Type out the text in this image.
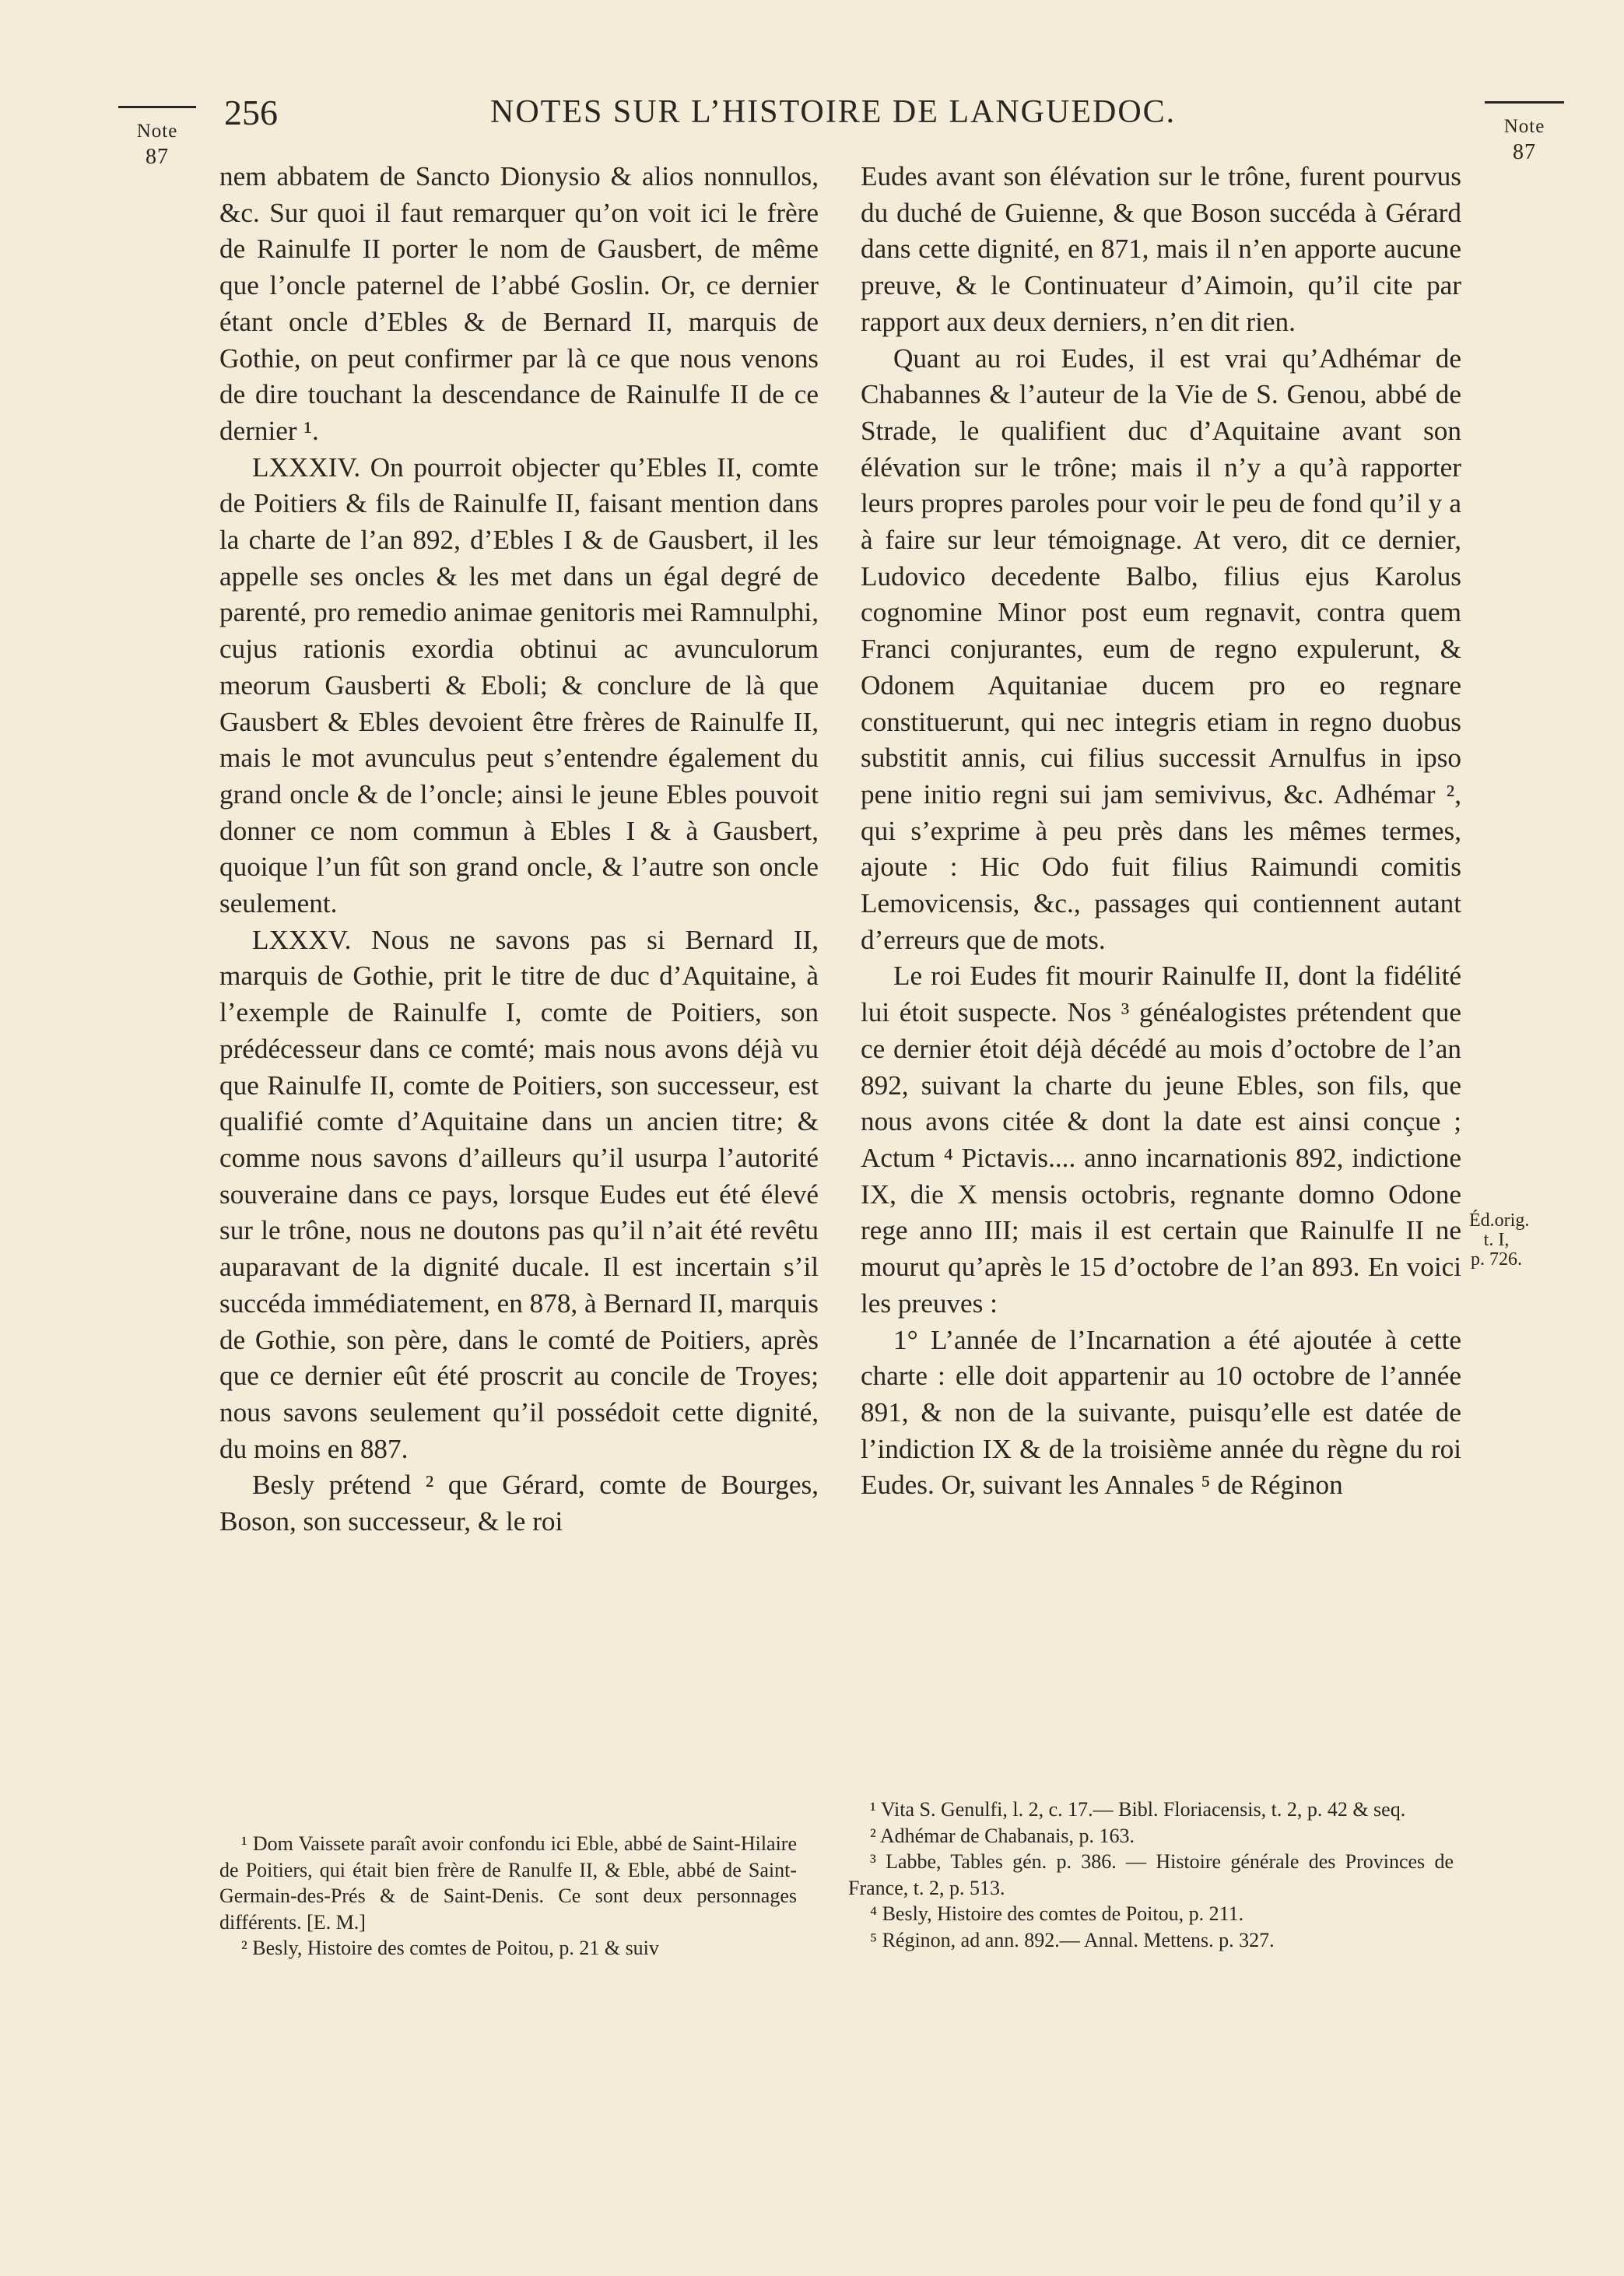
Note
87
256	NOTES SUR L’HISTOIRE DE LANGUEDOC.	Note
87

nem abbatem de Sancto Dionysio & alios nonnullos, &c. Sur quoi il faut remarquer qu’on voit ici le frère de Rainulfe II porter le nom de Gausbert, de même que l’oncle paternel de l’abbé Goslin. Or, ce dernier étant oncle d’Ebles & de Bernard II, marquis de Gothie, on peut confirmer par là ce que nous venons de dire touchant la descendance de Rainulfe II de ce dernier ¹.

LXXXIV. On pourroit objecter qu’Ebles II, comte de Poitiers & fils de Rainulfe II, faisant mention dans la charte de l’an 892, d’Ebles I & de Gausbert, il les appelle ses oncles & les met dans un égal degré de parenté, pro remedio animae genitoris mei Ramnulphi, cujus rationis exordia obtinui ac avunculorum meorum Gausberti & Eboli; & conclure de là que Gausbert & Ebles devoient être frères de Rainulfe II, mais le mot avunculus peut s’entendre également du grand oncle & de l’oncle; ainsi le jeune Ebles pouvoit donner ce nom commun à Ebles I & à Gausbert, quoique l’un fût son grand oncle, & l’autre son oncle seulement.

LXXXV. Nous ne savons pas si Bernard II, marquis de Gothie, prit le titre de duc d’Aquitaine, à l’exemple de Rainulfe I, comte de Poitiers, son prédécesseur dans ce comté; mais nous avons déjà vu que Rainulfe II, comte de Poitiers, son successeur, est qualifié comte d’Aquitaine dans un ancien titre; & comme nous savons d’ailleurs qu’il usurpa l’autorité souveraine dans ce pays, lorsque Eudes eut été élevé sur le trône, nous ne doutons pas qu’il n’ait été revêtu auparavant de la dignité ducale. Il est incertain s’il succéda immédiatement, en 878, à Bernard II, marquis de Gothie, son père, dans le comté de Poitiers, après que ce dernier eût été proscrit au concile de Troyes; nous savons seulement qu’il possédoit cette dignité, du moins en 887.

Besly prétend ² que Gérard, comte de Bourges, Boson, son successeur, & le roi

Eudes avant son élévation sur le trône, furent pourvus du duché de Guienne, & que Boson succéda à Gérard dans cette dignité, en 871, mais il n’en apporte aucune preuve, & le Continuateur d’Aimoin, qu’il cite par rapport aux deux derniers, n’en dit rien.

Quant au roi Eudes, il est vrai qu’Adhémar de Chabannes & l’auteur de la Vie de S. Genou, abbé de Strade, le qualifient duc d’Aquitaine avant son élévation sur le trône; mais il n’y a qu’à rapporter leurs propres paroles pour voir le peu de fond qu’il y a à faire sur leur témoignage. At vero, dit ce dernier, Ludovico decedente Balbo, filius ejus Karolus cognomine Minor post eum regnavit, contra quem Franci conjurantes, eum de regno expulerunt, & Odonem Aquitaniae ducem pro eo regnare constituerunt, qui nec integris etiam in regno duobus substitit annis, cui filius successit Arnulfus in ipso pene initio regni sui jam semivivus, &c. Adhémar ², qui s’exprime à peu près dans les mêmes termes, ajoute : Hic Odo fuit filius Raimundi comitis Lemovicensis, &c., passages qui contiennent autant d’erreurs que de mots.

Le roi Eudes fit mourir Rainulfe II, dont la fidélité lui étoit suspecte. Nos ³ généalogistes prétendent que ce dernier étoit déjà décédé au mois d’octobre de l’an 892, suivant la charte du jeune Ebles, son fils, que nous avons citée & dont la date est ainsi conçue ; Actum ⁴ Pictavis.... anno incarnationis 892, indictione IX, die X mensis octobris, regnante domno Odone rege anno III; mais il est certain que Rainulfe II ne mourut qu’après le 15 d’octobre de l’an 893. En voici les preuves :

1° L’année de l’Incarnation a été ajoutée à cette charte : elle doit appartenir au 10 octobre de l’année 891, & non de la suivante, puisqu’elle est datée de l’indiction IX & de la troisième année du règne du roi Eudes. Or, suivant les Annales ⁵ de Réginon

Éd.orig.
t. I,
p. 726.

¹ Dom Vaissete paraît avoir confondu ici Eble, abbé de Saint-Hilaire de Poitiers, qui était bien frère de Ranulfe II, & Eble, abbé de Saint-Germain-des-Prés & de Saint-Denis. Ce sont deux personnages différents. [E. M.]

² Besly, Histoire des comtes de Poitou, p. 21 & suiv

¹ Vita S. Genulfi, l. 2, c. 17.— Bibl. Floriacensis, t. 2, p. 42 & seq.

² Adhémar de Chabanais, p. 163.

³ Labbe, Tables gén. p. 386. — Histoire générale des Provinces de France, t. 2, p. 513.

⁴ Besly, Histoire des comtes de Poitou, p. 211.

⁵ Réginon, ad ann. 892.— Annal. Mettens. p. 327.
